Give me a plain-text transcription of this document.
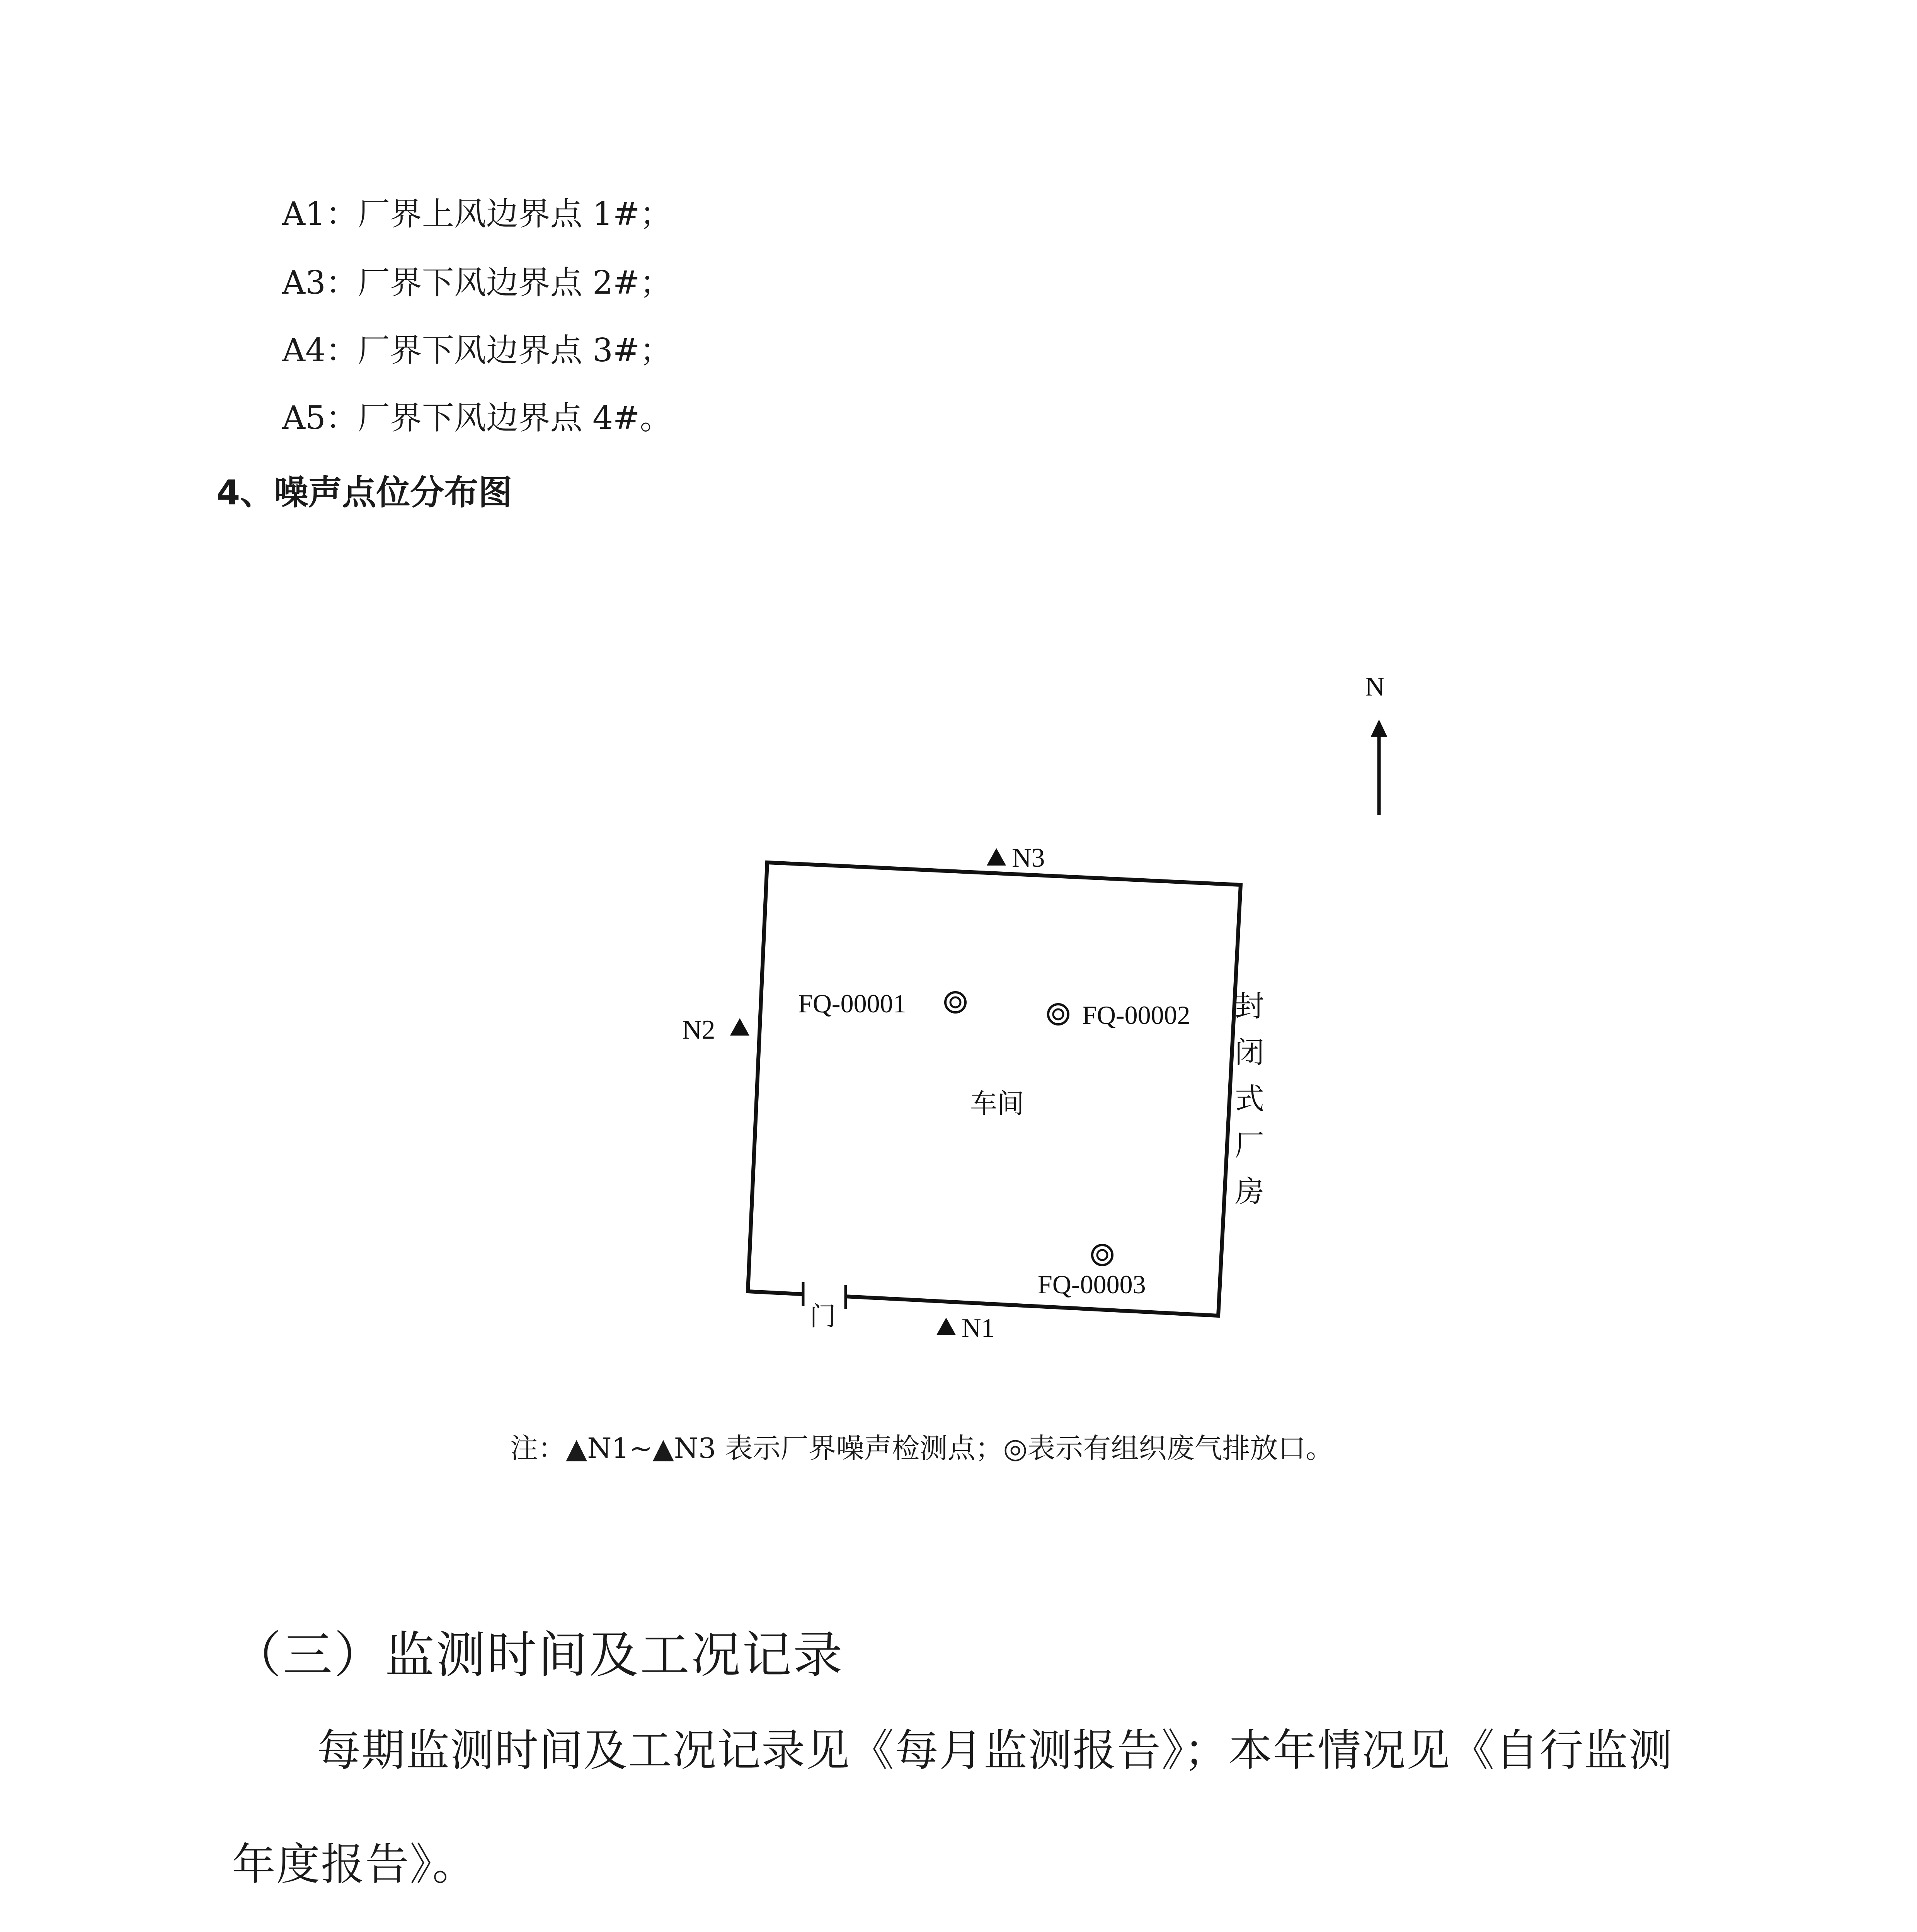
A1：厂界上风边界点 1#；
A3：厂界下风边界点 2#；
A4：厂界下风边界点 3#；
A5：厂界下风边界点 4#。
4、噪声点位分布图
N
门
N3
N2
N1
FQ-00001	FQ-00002
车间
FQ-00003
封
闭
式
厂
房
注：▲N1~▲N3 表示厂界噪声检测点；◎表示有组织废气排放口。
（三）监测时间及工况记录
每期监测时间及工况记录见《每月监测报告》；本年情况见《自行监测
年度报告》。
